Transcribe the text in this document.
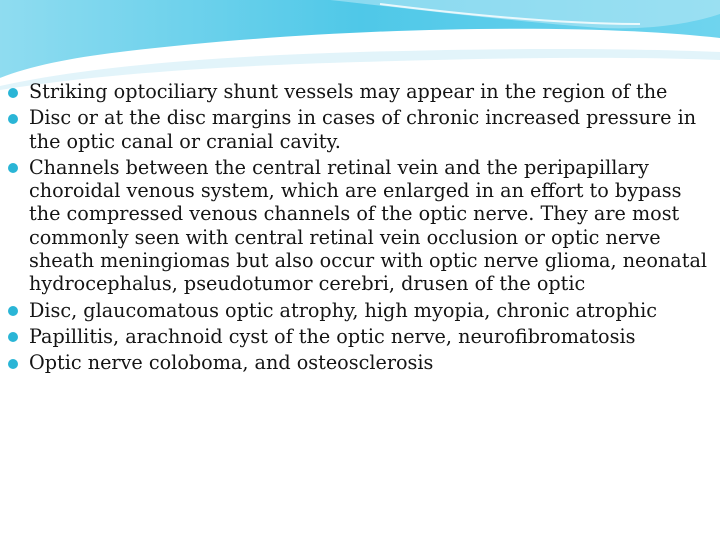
Striking optociliary shunt vessels may appear in the region of the
Disc or at the disc margins in cases of chronic increased pressure in the optic canal or cranial cavity.
Channels between the central retinal vein and the peripapillary choroidal venous system, which are enlarged in an effort to bypass the compressed venous channels of the optic nerve. They are most commonly seen with central retinal vein occlusion or optic nerve sheath meningiomas but also occur with optic nerve glioma, neonatal hydrocephalus, pseudotumor cerebri, drusen of the optic
Disc, glaucomatous optic atrophy, high myopia, chronic atrophic
Papillitis, arachnoid cyst of the optic nerve, neurofibromatosis
Optic nerve coloboma, and osteosclerosis
